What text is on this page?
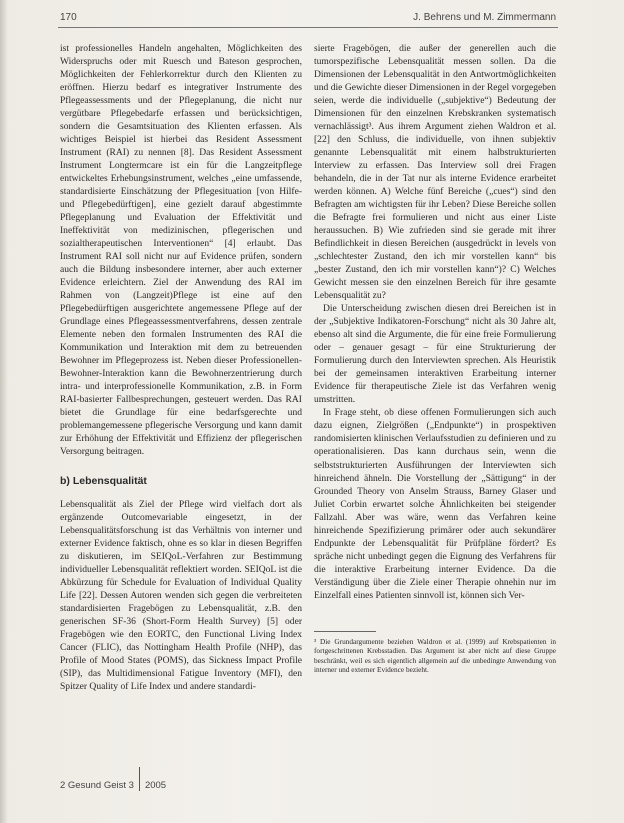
170	J. Behrens und M. Zimmermann

ist professionelles Handeln angehalten, Möglichkeiten des Widerspruchs oder mit Ruesch und Bateson gesprochen, Möglichkeiten der Fehlerkorrektur durch den Klienten zu eröffnen. Hierzu bedarf es integrativer Instrumente des Pflegeassessments und der Pflegeplanung, die nicht nur vergütbare Pflegebedarfe erfassen und berücksichtigen, sondern die Gesamtsituation des Klienten erfassen. Als wichtiges Beispiel ist hierbei das Resident Assessment Instrument (RAI) zu nennen [8]. Das Resident Assessment Instrument Longtermcare ist ein für die Langzeitpflege entwickeltes Erhebungsinstrument, welches „eine umfassende, standardisierte Einschätzung der Pflegesituation [von Hilfe- und Pflegebedürftigen], eine gezielt darauf abgestimmte Pflegeplanung und Evaluation der Effektivität und Ineffektivität von medizinischen, pflegerischen und sozialtherapeutischen Interventionen“ [4] erlaubt. Das Instrument RAI soll nicht nur auf Evidence prüfen, sondern auch die Bildung insbesondere interner, aber auch externer Evidence erleichtern. Ziel der Anwendung des RAI im Rahmen von (Langzeit)Pflege ist eine auf den Pflegebedürftigen ausgerichtete angemessene Pflege auf der Grundlage eines Pflegeassessmentverfahrens, dessen zentrale Elemente neben den formalen Instrumenten des RAI die Kommunikation und Interaktion mit dem zu betreuenden Bewohner im Pflegeprozess ist. Neben dieser Professionellen-Bewohner-Interaktion kann die Bewohnerzentrierung durch intra- und interprofessionelle Kommunikation, z.B. in Form RAI-basierter Fallbesprechungen, gesteuert werden. Das RAI bietet die Grundlage für eine bedarfsgerechte und problemangemessene pflegerische Versorgung und kann damit zur Erhöhung der Effektivität und Effizienz der pflegerischen Versorgung beitragen.

b) Lebensqualität

Lebensqualität als Ziel der Pflege wird vielfach dort als ergänzende Outcomevariable eingesetzt, in der Lebensqualitätsforschung ist das Verhältnis von interner und externer Evidence faktisch, ohne es so klar in diesen Begriffen zu diskutieren, im SEIQoL-Verfahren zur Bestimmung individueller Lebensqualität reflektiert worden. SEIQoL ist die Abkürzung für Schedule for Evaluation of Individual Quality Life [22]. Dessen Autoren wenden sich gegen die verbreiteten standardisierten Fragebögen zu Lebensqualität, z.B. den generischen SF-36 (Short-Form Health Survey) [5] oder Fragebögen wie den EORTC, den Functional Living Index Cancer (FLIC), das Nottingham Health Profile (NHP), das Profile of Mood States (POMS), das Sickness Impact Profile (SIP), das Multidimensional Fatigue Inventory (MFI), den Spitzer Quality of Life Index und andere standardi-

sierte Fragebögen, die außer der generellen auch die tumorspezifische Lebensqualität messen sollen. Da die Dimensionen der Lebensqualität in den Antwortmöglichkeiten und die Gewichte dieser Dimensionen in der Regel vorgegeben seien, werde die individuelle („subjektive“) Bedeutung der Dimensionen für den einzelnen Krebskranken systematisch vernachlässigt³. Aus ihrem Argument ziehen Waldron et al. [22] den Schluss, die individuelle, von ihnen subjektiv genannte Lebensqualität mit einem halbstrukturierten Interview zu erfassen. Das Interview soll drei Fragen behandeln, die in der Tat nur als interne Evidence erarbeitet werden können. A) Welche fünf Bereiche („cues“) sind den Befragten am wichtigsten für ihr Leben? Diese Bereiche sollen die Befragte frei formulieren und nicht aus einer Liste heraussuchen. B) Wie zufrieden sind sie gerade mit ihrer Befindlichkeit in diesen Bereichen (ausgedrückt in levels von „schlechtester Zustand, den ich mir vorstellen kann“ bis „bester Zustand, den ich mir vorstellen kann“)? C) Welches Gewicht messen sie den einzelnen Bereich für ihre gesamte Lebensqualität zu?

Die Unterscheidung zwischen diesen drei Bereichen ist in der „Subjektive Indikatoren-Forschung“ nicht als 30 Jahre alt, ebenso alt sind die Argumente, die für eine freie Formulierung oder – genauer gesagt – für eine Strukturierung der Formulierung durch den Interviewten sprechen. Als Heuristik bei der gemeinsamen interaktiven Erarbeitung interner Evidence für therapeutische Ziele ist das Verfahren wenig umstritten.

In Frage steht, ob diese offenen Formulierungen sich auch dazu eignen, Zielgrößen („Endpunkte“) in prospektiven randomisierten klinischen Verlaufsstudien zu definieren und zu operationalisieren. Das kann durchaus sein, wenn die selbststrukturierten Ausführungen der Interviewten sich hinreichend ähneln. Die Vorstellung der „Sättigung“ in der Grounded Theory von Anselm Strauss, Barney Glaser und Juliet Corbin erwartet solche Ähnlichkeiten bei steigender Fallzahl. Aber was wäre, wenn das Verfahren keine hinreichende Spezifizierung primärer oder auch sekundärer Endpunkte der Lebensqualität für Prüfpläne fördert? Es spräche nicht unbedingt gegen die Eignung des Verfahrens für die interaktive Erarbeitung interner Evidence. Da die Verständigung über die Ziele einer Therapie ohnehin nur im Einzelfall eines Patienten sinnvoll ist, können sich Ver-

³ Die Grundargumente beziehen Waldron et al. (1999) auf Krebspatienten in fortgeschrittenen Krebsstadien. Das Argument ist aber nicht auf diese Gruppe beschränkt, weil es sich eigentlich allgemein auf die unbedingte Anwendung von interner und externer Evidence bezieht.
2 Gesund Geist 3 2005
